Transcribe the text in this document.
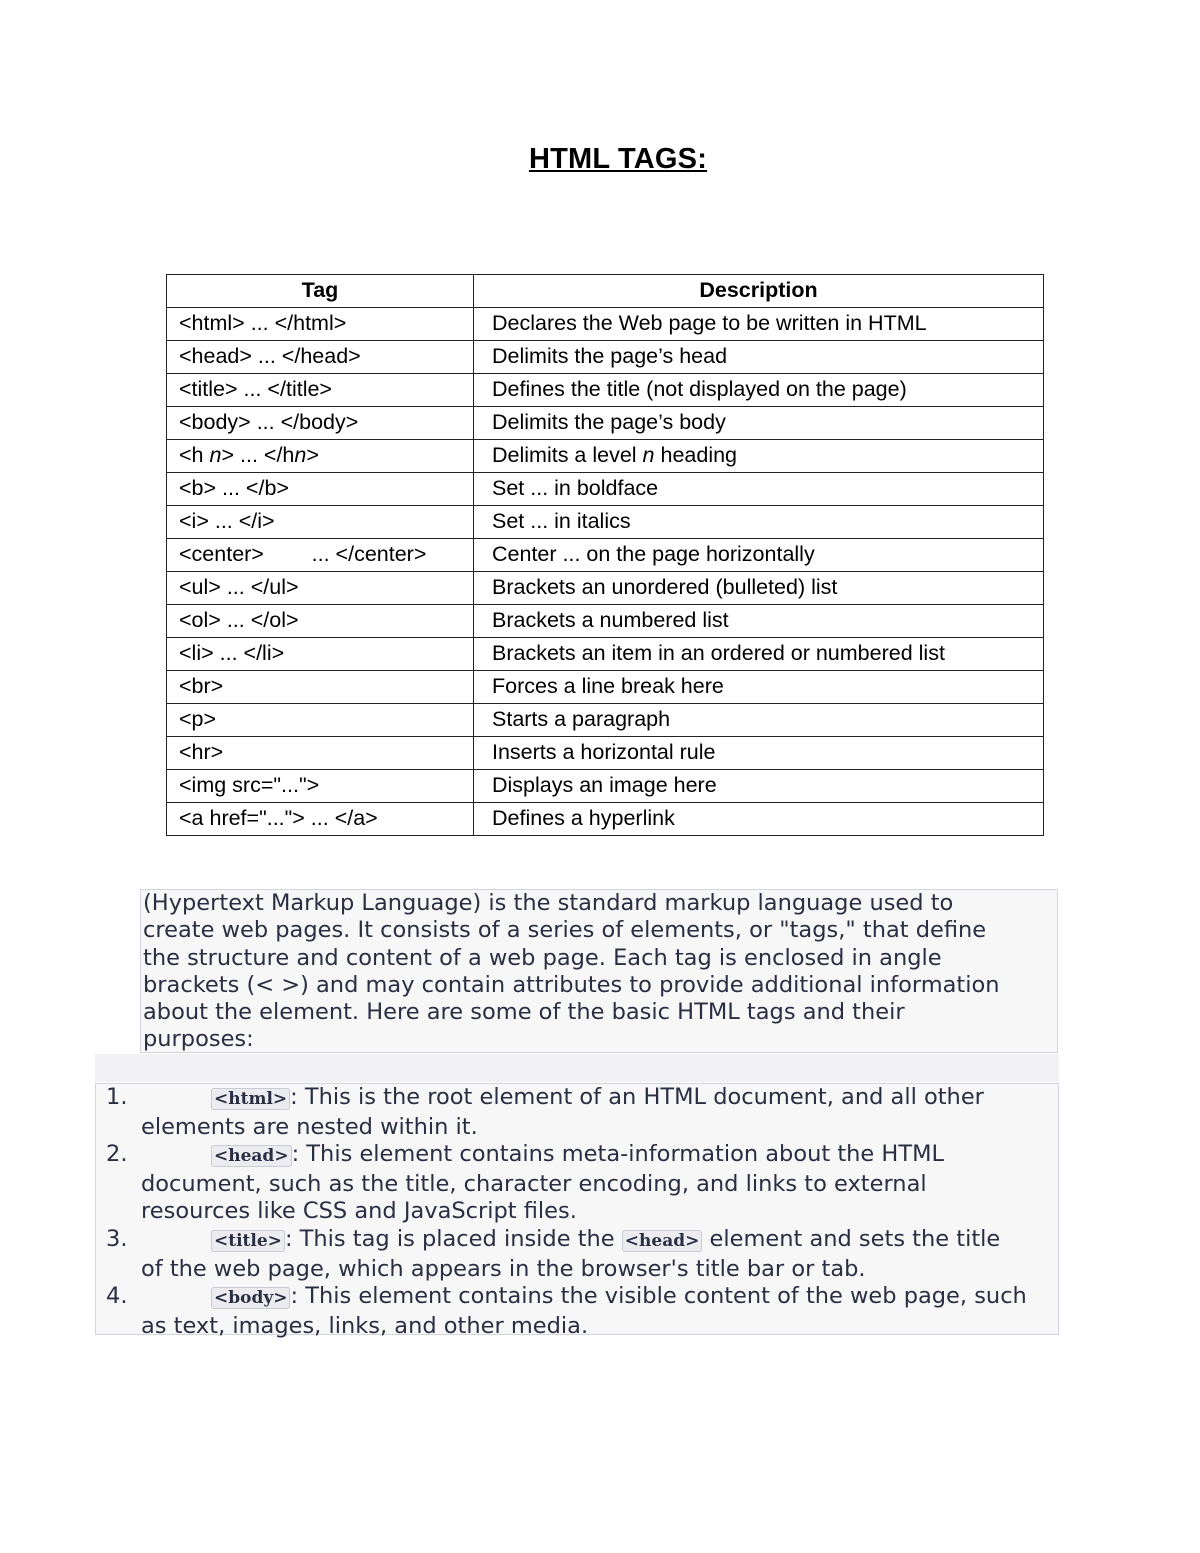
HTML TAGS:
Tag	Description
<html> ... </html>	Declares the Web page to be written in HTML
<head> ... </head>	Delimits the page’s head
<title> ... </title>	Defines the title (not displayed on the page)
<body> ... </body>	Delimits the page’s body
<h n> ... </hn>	Delimits a level n heading
<b> ... </b>	Set ... in boldface
<i> ... </i>	Set ... in italics
<center>        ... </center>	Center ... on the page horizontally
<ul> ... </ul>	Brackets an unordered (bulleted) list
<ol> ... </ol>	Brackets a numbered list
<li> ... </li>	Brackets an item in an ordered or numbered list
<br>	Forces a line break here
<p>	Starts a paragraph
<hr>	Inserts a horizontal rule
<img src="...">	Displays an image here
<a href="..."> ... </a>	Defines a hyperlink
(Hypertext Markup Language) is the standard markup language used to
create web pages. It consists of a series of elements, or "tags," that define
the structure and content of a web page. Each tag is enclosed in angle
brackets (< >) and may contain attributes to provide additional information
about the element. Here are some of the basic HTML tags and their
purposes:
1.	<html> : This is the root element of an HTML document, and all other
elements are nested within it.
2.	<head> : This element contains meta-information about the HTML
document, such as the title, character encoding, and links to external
resources like CSS and JavaScript files.
3.	<title> : This tag is placed inside the <head> element and sets the title
of the web page, which appears in the browser's title bar or tab.
4.	<body> : This element contains the visible content of the web page, such
as text, images, links, and other media.
